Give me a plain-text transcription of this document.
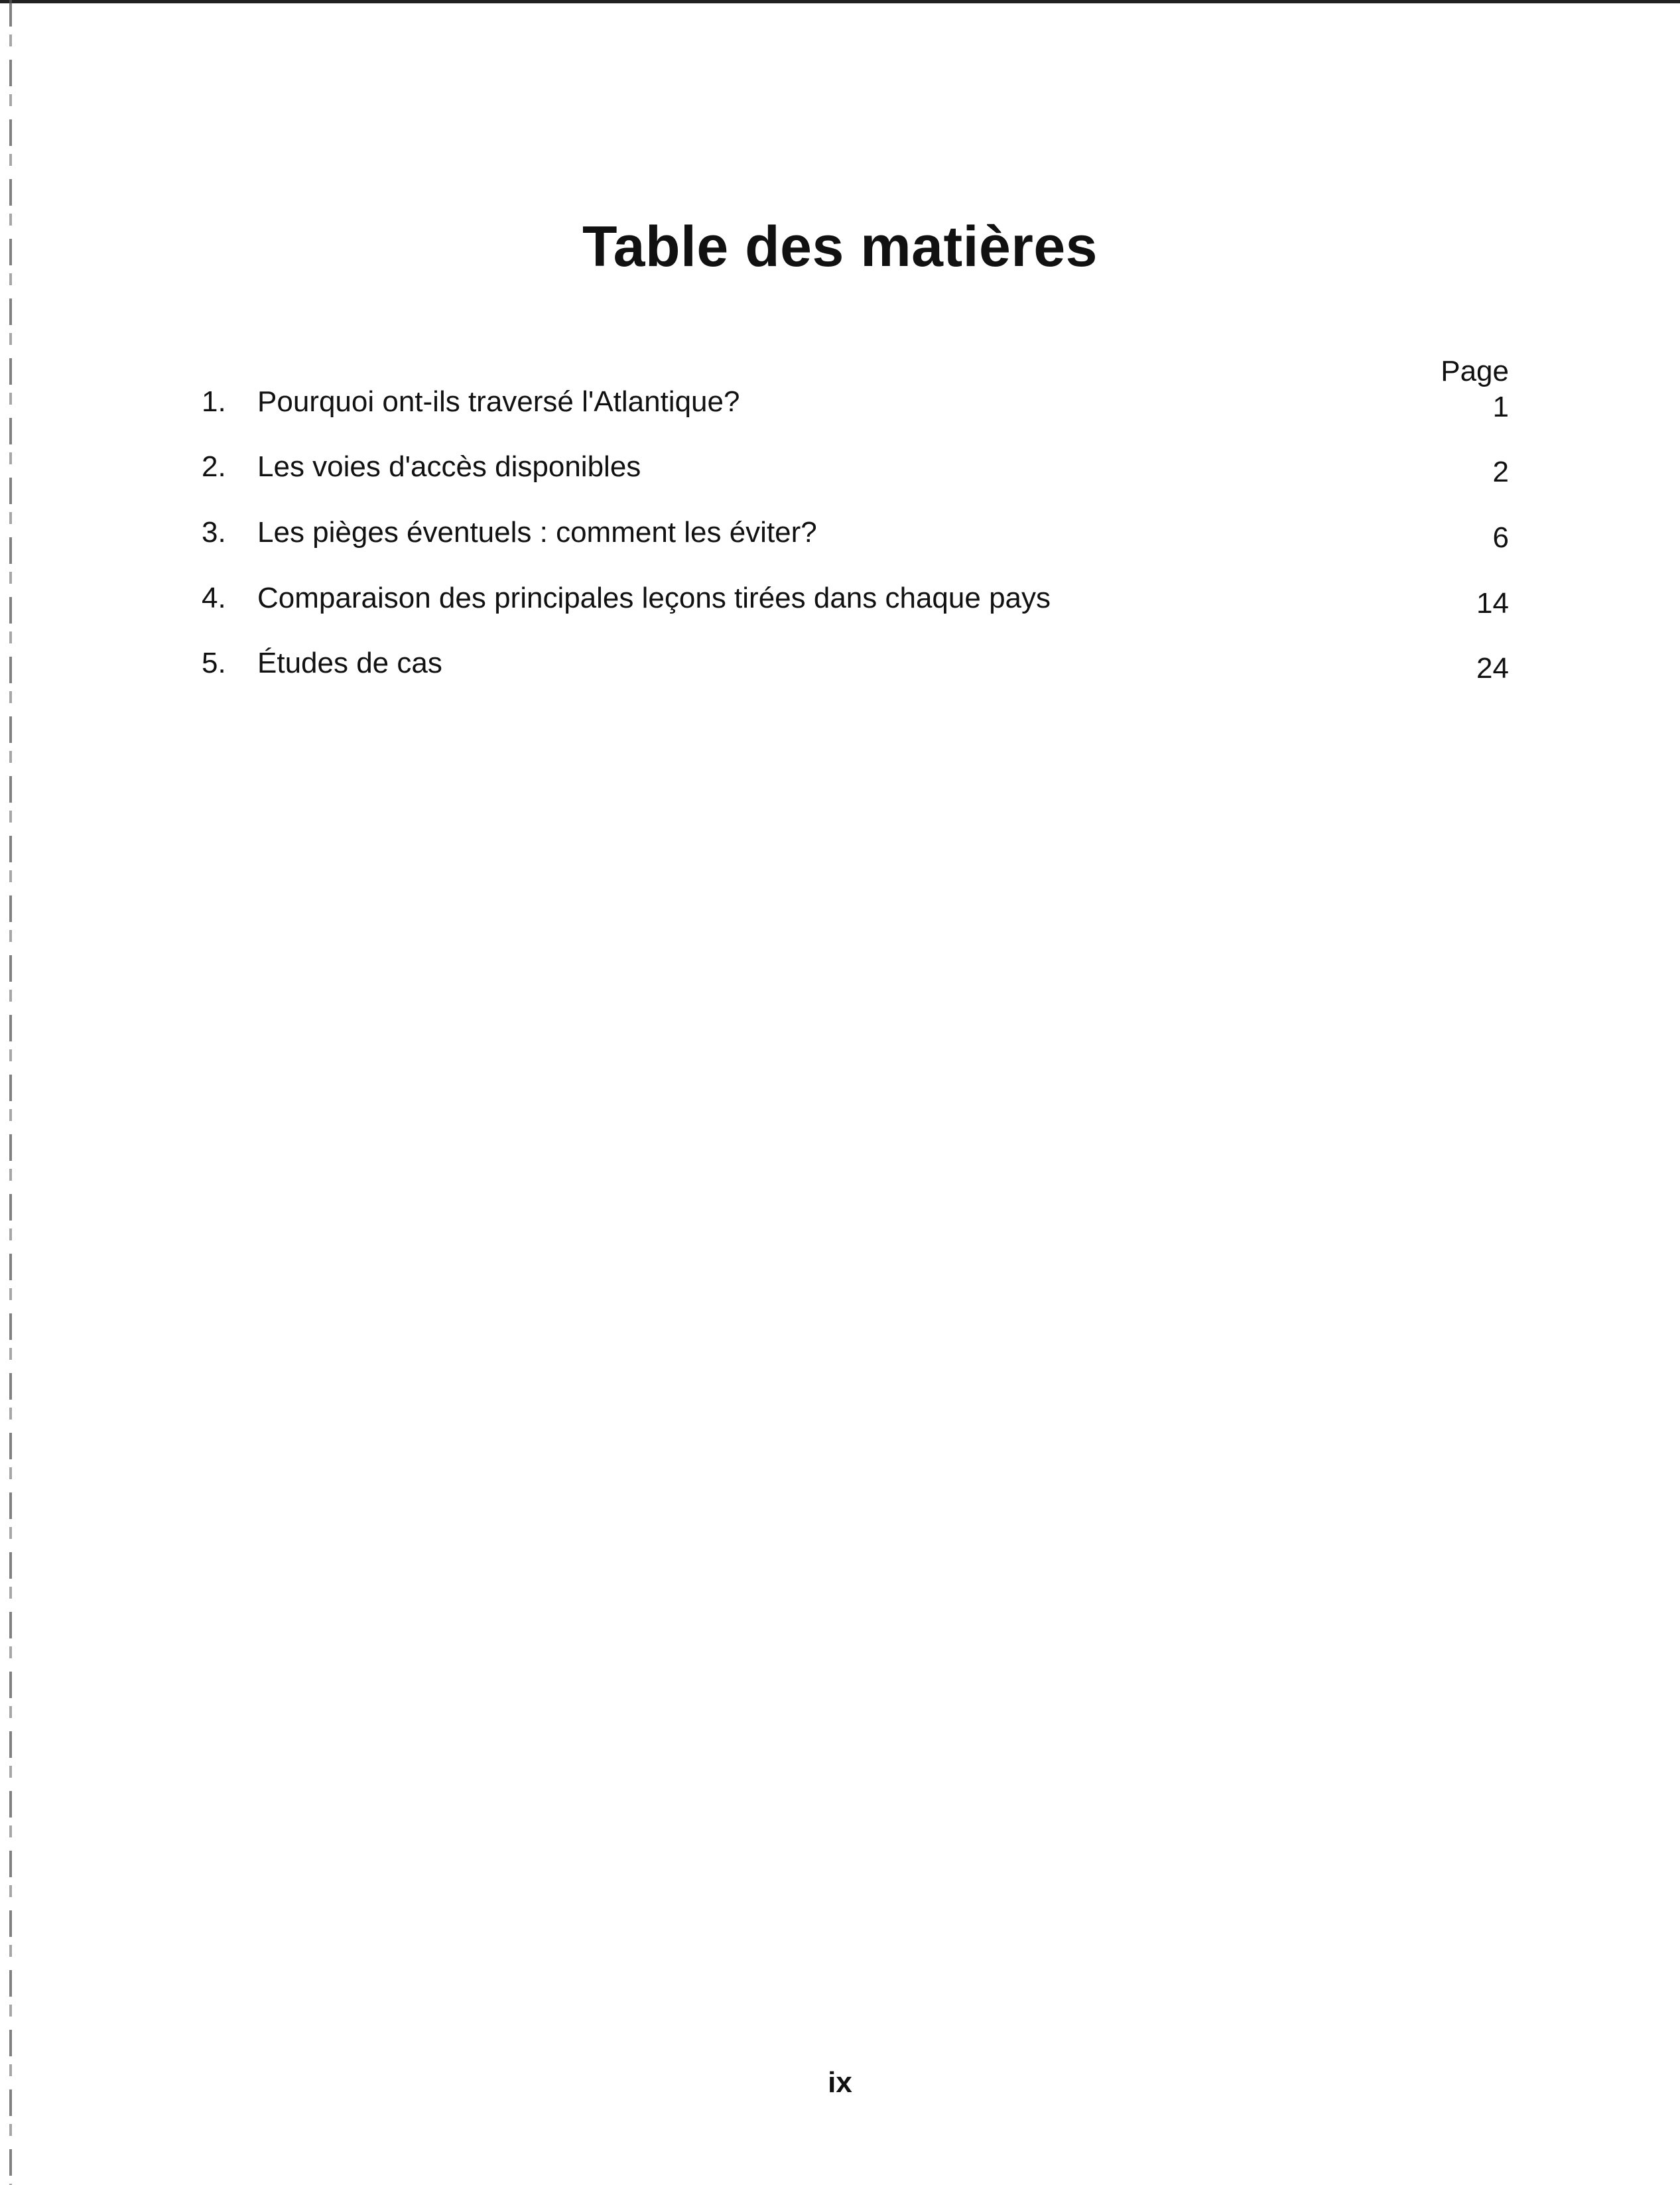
Table des matières
Page
1. Pourquoi ont-ils traversé l'Atlantique?	1
2. Les voies d'accès disponibles	2
3. Les pièges éventuels : comment les éviter?	6
4. Comparaison des principales leçons tirées dans chaque pays	14
5. Études de cas	24
ix
